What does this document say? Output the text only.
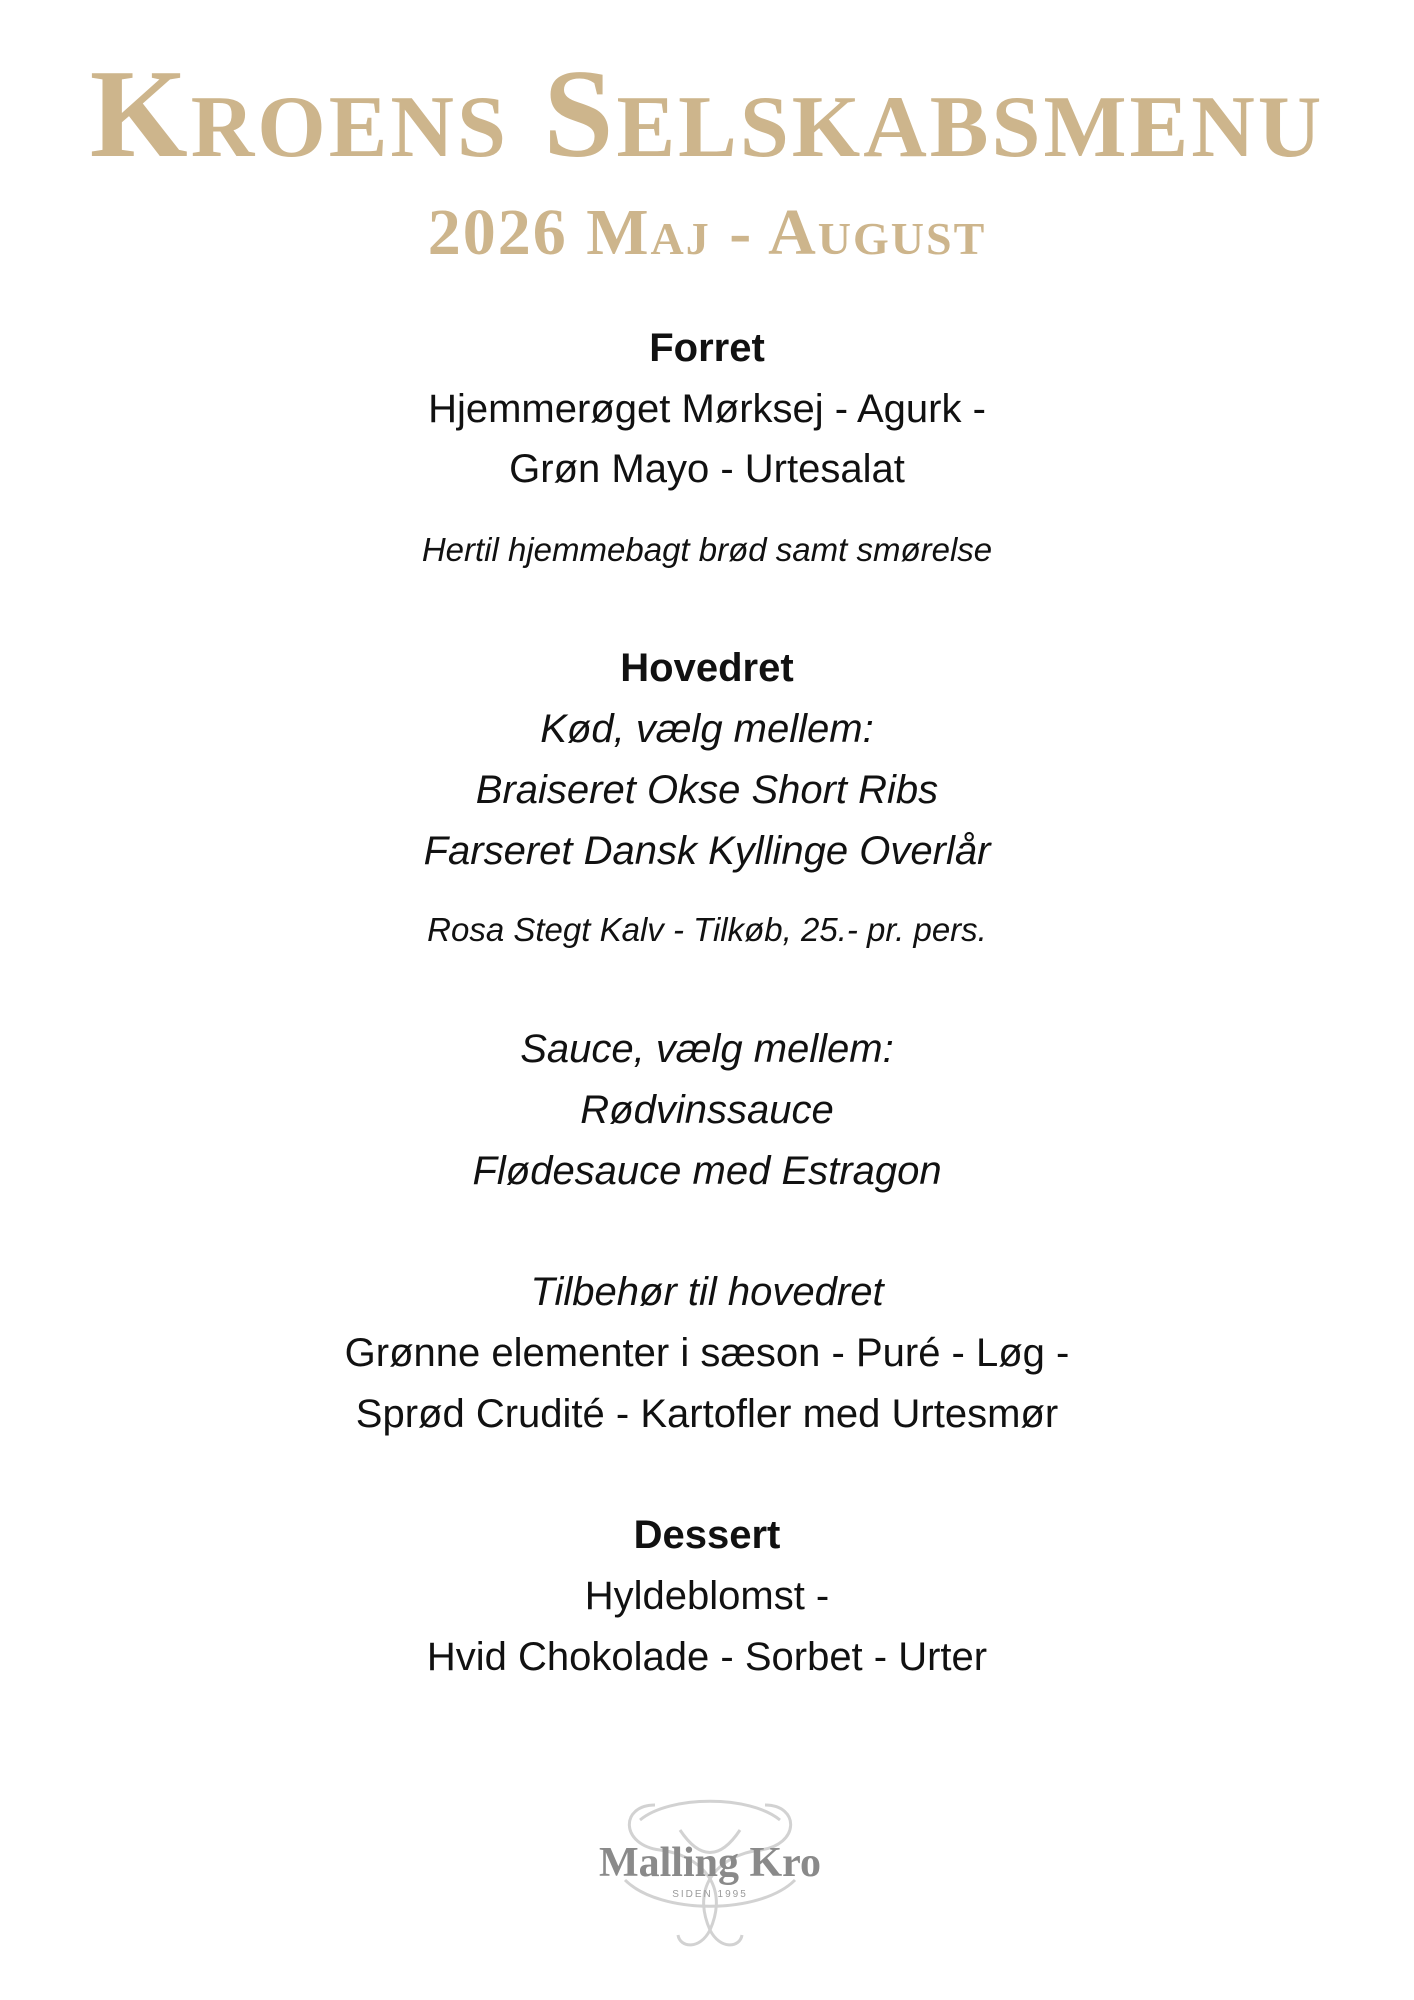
Kroens Selskabsmenu
2026 Maj - August
Forret
Hjemmerøget Mørksej - Agurk -
Grøn Mayo - Urtesalat
Hertil hjemmebagt brød samt smørelse
Hovedret
Kød, vælg mellem:
Braiseret Okse Short Ribs
Farseret Dansk Kyllinge Overlår
Rosa Stegt Kalv - Tilkøb, 25.- pr. pers.
Sauce, vælg mellem:
Rødvinssauce
Flødesauce med Estragon
Tilbehør til hovedret
Grønne elementer i sæson - Puré - Løg -
Sprød Crudité - Kartofler med Urtesmør
Dessert
Hyldeblomst -
Hvid Chokolade - Sorbet - Urter
Malling Kro
SIDEN 1995
